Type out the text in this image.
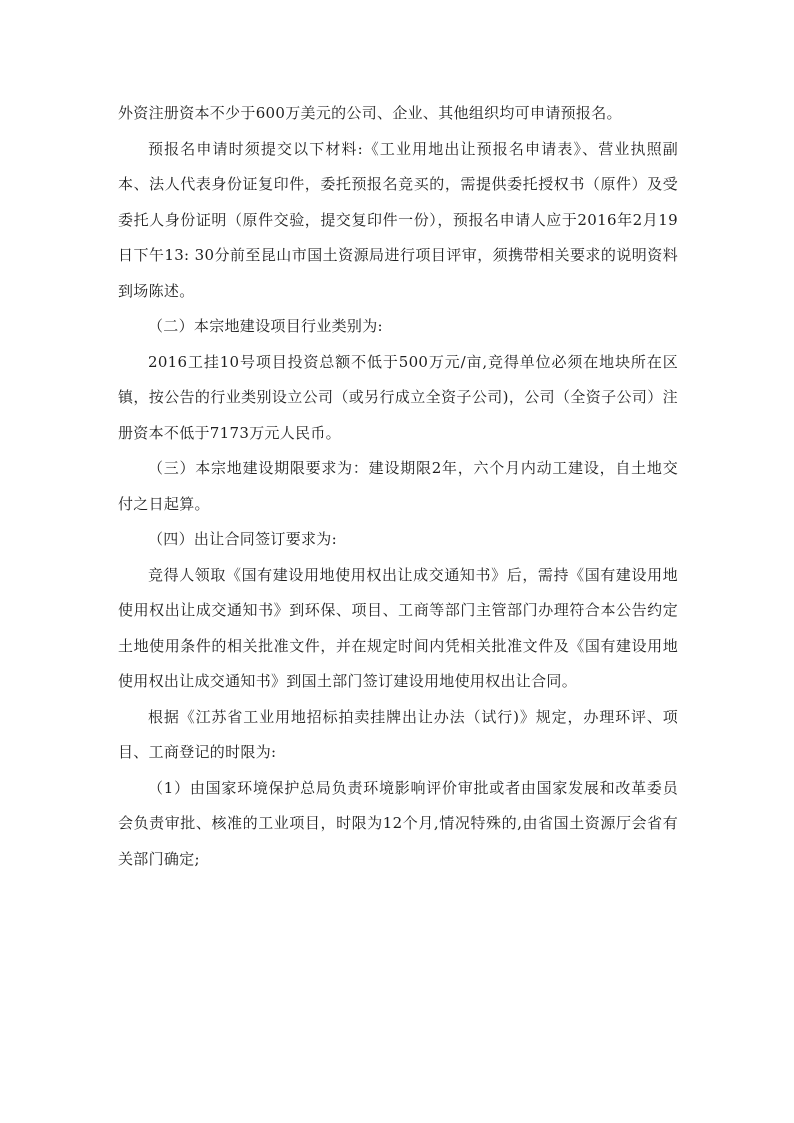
外资注册资本不少于600万美元的公司、企业、其他组织均可申请预报名。

预报名申请时须提交以下材料:《工业用地出让预报名申请表》、营业执照副本、法人代表身份证复印件，委托预报名竞买的，需提供委托授权书（原件）及受委托人身份证明（原件交验，提交复印件一份），预报名申请人应于2016年2月19日下午13: 30分前至昆山市国土资源局进行项目评审，须携带相关要求的说明资料到场陈述。

（二）本宗地建设项目行业类别为:

2016工挂10号项目投资总额不低于500万元/亩,竞得单位必须在地块所在区镇，按公告的行业类别设立公司（或另行成立全资子公司)，公司（全资子公司）注册资本不低于7173万元人民币。

（三）本宗地建设期限要求为：建设期限2年，六个月内动工建设，自土地交付之日起算。

（四）出让合同签订要求为:

竞得人领取《国有建设用地使用权出让成交通知书》后，需持《国有建设用地使用权出让成交通知书》到环保、项目、工商等部门主管部门办理符合本公告约定土地使用条件的相关批准文件，并在规定时间内凭相关批准文件及《国有建设用地使用权出让成交通知书》到国土部门签订建设用地使用权出让合同。

根据《江苏省工业用地招标拍卖挂牌出让办法（试行)》规定，办理环评、项目、工商登记的时限为:

（1）由国家环境保护总局负责环境影响评价审批或者由国家发展和改革委员会负责审批、核准的工业项目，时限为12个月,情况特殊的,由省国土资源厅会省有关部门确定;
